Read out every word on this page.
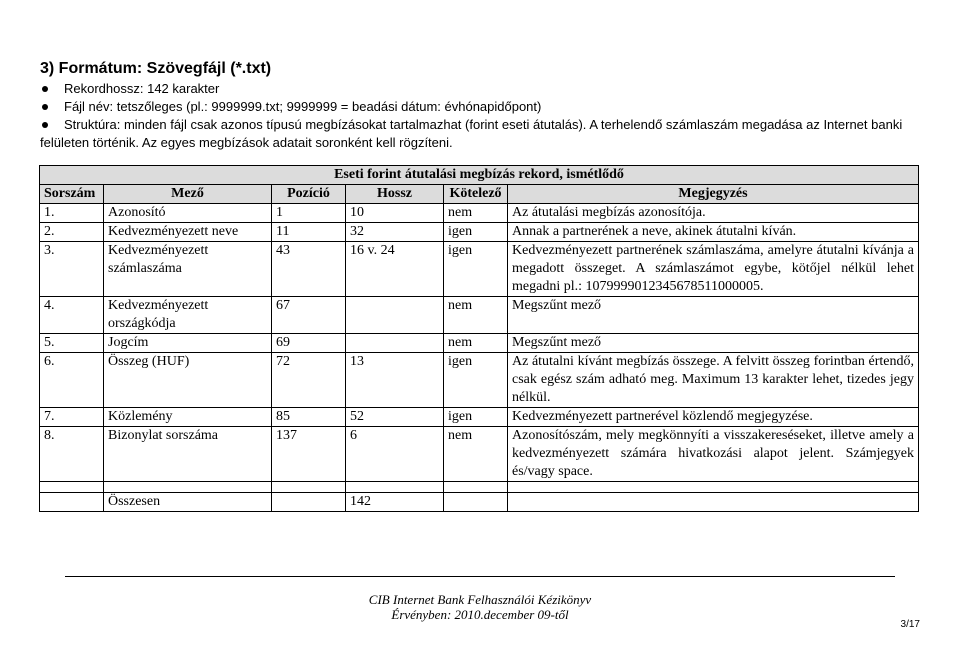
3) Formátum: Szövegfájl (*.txt)
Rekordhossz: 142 karakter
Fájl név: tetszőleges (pl.: 9999999.txt; 9999999 = beadási dátum: évhónapidőpont)
Struktúra: minden fájl csak azonos típusú megbízásokat tartalmazhat (forint eseti átutalás). A terhelendő számlaszám megadása az Internet banki felületen történik. Az egyes megbízások adatait soronként kell rögzíteni.
Eseti forint átutalási megbízás rekord, ismétlődő					
Sorszám	Mező	Pozíció	Hossz	Kötelező	Megjegyzés
1.	Azonosító	1	10	nem	Az átutalási megbízás azonosítója.
2.	Kedvezményezett neve	11	32	igen	Annak a partnerének a neve, akinek átutalni kíván.
3.	Kedvezményezett számlaszáma	43	16 v. 24	igen	Kedvezményezett partnerének számlaszáma, amelyre átutalni kívánja a megadott összeget. A számlaszámot egybe, kötőjel nélkül lehet megadni pl.: 1079999012345678511000005.
4.	Kedvezményezett országkódja	67		nem	Megszűnt mező
5.	Jogcím	69		nem	Megszűnt mező
6.	Összeg (HUF)	72	13	igen	Az átutalni kívánt megbízás összege. A felvitt összeg forintban értendő, csak egész szám adható meg. Maximum 13 karakter lehet, tizedes jegy nélkül.
7.	Közlemény	85	52	igen	Kedvezményezett partnerével közlendő megjegyzése.
8.	Bizonylat sorszáma	137	6	nem	Azonosítószám, mely megkönnyíti a visszakereséseket, illetve amely a kedvezményezett számára hivatkozási alapot jelent. Számjegyek és/vagy space.

	Összesen		142		
CIB Internet Bank Felhasználói Kézikönyv
Érvényben: 2010.december 09-től
3/17
